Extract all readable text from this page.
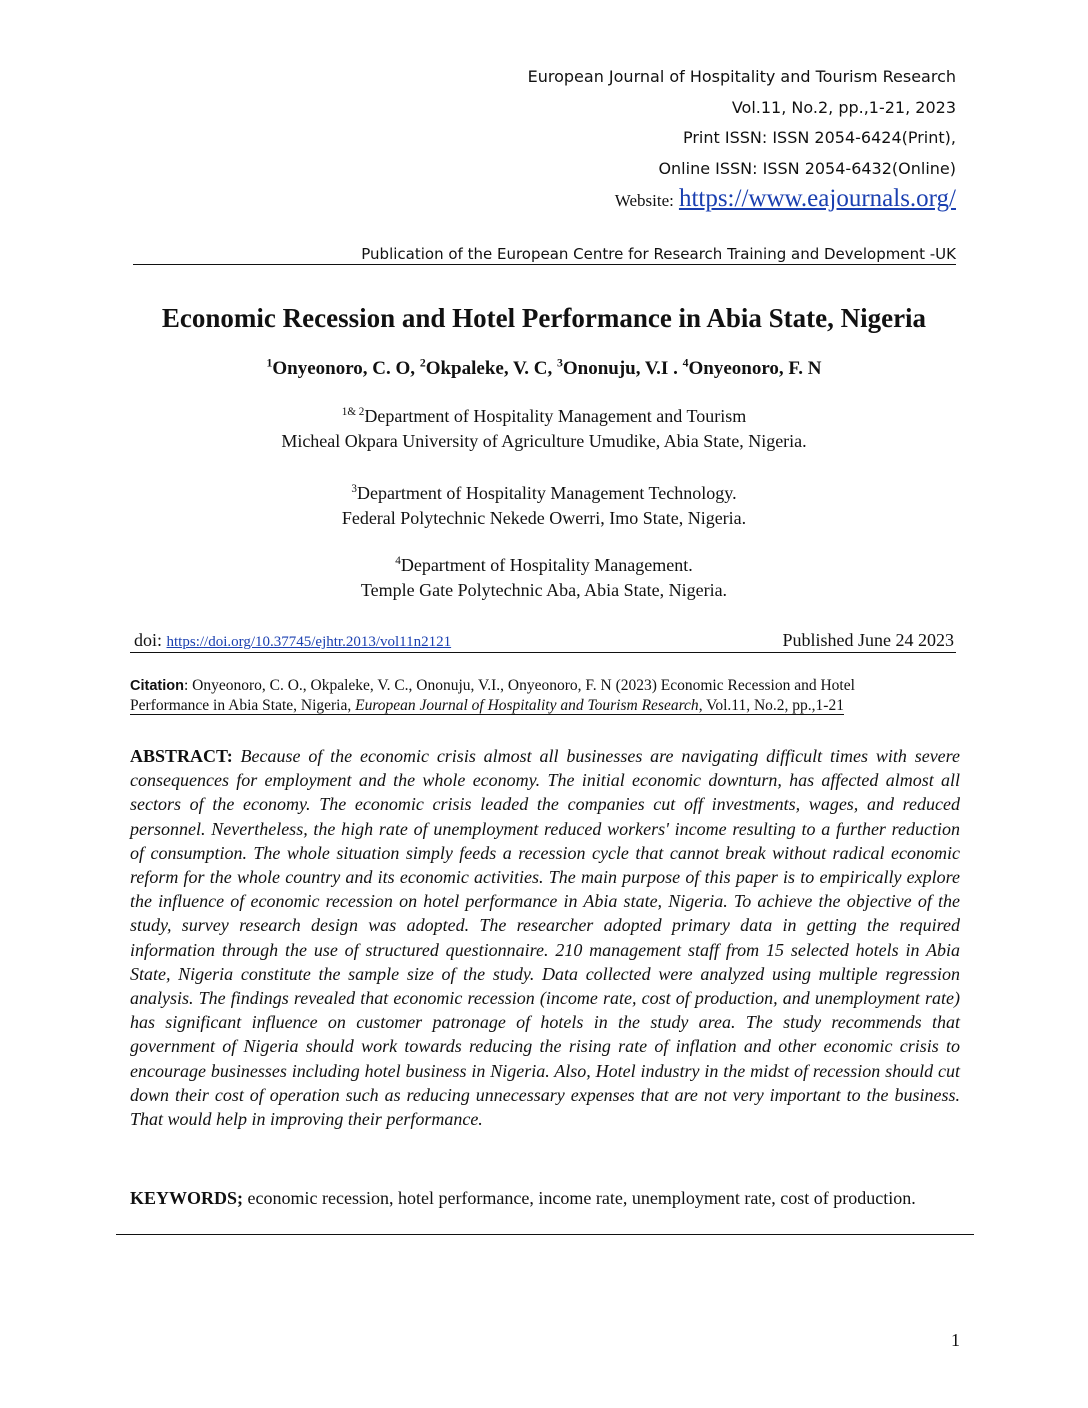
European Journal of Hospitality and Tourism Research
Vol.11, No.2, pp.,1-21, 2023
Print ISSN: ISSN 2054-6424(Print),
Online ISSN: ISSN 2054-6432(Online)
Website: https://www.eajournals.org/
Publication of the European Centre for Research Training and Development -UK
Economic Recession and Hotel Performance in Abia State, Nigeria
$^1$Onyeonoro, C. O, $^2$Okpaleke, V. C, $^3$Ononuju, V.I . $^4$Onyeonoro, F. N
$^{1\& 2}$Department of Hospitality Management and Tourism
Micheal Okpara University of Agriculture Umudike, Abia State, Nigeria.
$^3$Department of Hospitality Management Technology.
Federal Polytechnic Nekede Owerri, Imo State, Nigeria.
$^4$Department of Hospitality Management.
Temple Gate Polytechnic Aba, Abia State, Nigeria.
doi: https://doi.org/10.37745/ejhtr.2013/vol11n2121	Published June 24 2023
Citation: Onyeonoro, C. O., Okpaleke, V. C., Ononuju, V.I., Onyeonoro, F. N (2023) Economic Recession and Hotel
Performance in Abia State, Nigeria, European Journal of Hospitality and Tourism Research, Vol.11, No.2, pp.,1-21
ABSTRACT: Because of the economic crisis almost all businesses are navigating difficult times with severe consequences for employment and the whole economy. The initial economic downturn, has affected almost all sectors of the economy. The economic crisis leaded the companies cut off investments, wages, and reduced personnel. Nevertheless, the high rate of unemployment reduced workers' income resulting to a further reduction of consumption. The whole situation simply feeds a recession cycle that cannot break without radical economic reform for the whole country and its economic activities. The main purpose of this paper is to empirically explore the influence of economic recession on hotel performance in Abia state, Nigeria. To achieve the objective of the study, survey research design was adopted. The researcher adopted primary data in getting the required information through the use of structured questionnaire. 210 management staff from 15 selected hotels in Abia State, Nigeria constitute the sample size of the study. Data collected were analyzed using multiple regression analysis. The findings revealed that economic recession (income rate, cost of production, and unemployment rate) has significant influence on customer patronage of hotels in the study area. The study recommends that government of Nigeria should work towards reducing the rising rate of inflation and other economic crisis to encourage businesses including hotel business in Nigeria. Also, Hotel industry in the midst of recession should cut down their cost of operation such as reducing unnecessary expenses that are not very important to the business. That would help in improving their performance.
KEYWORDS; economic recession, hotel performance, income rate, unemployment rate, cost of production.
1
